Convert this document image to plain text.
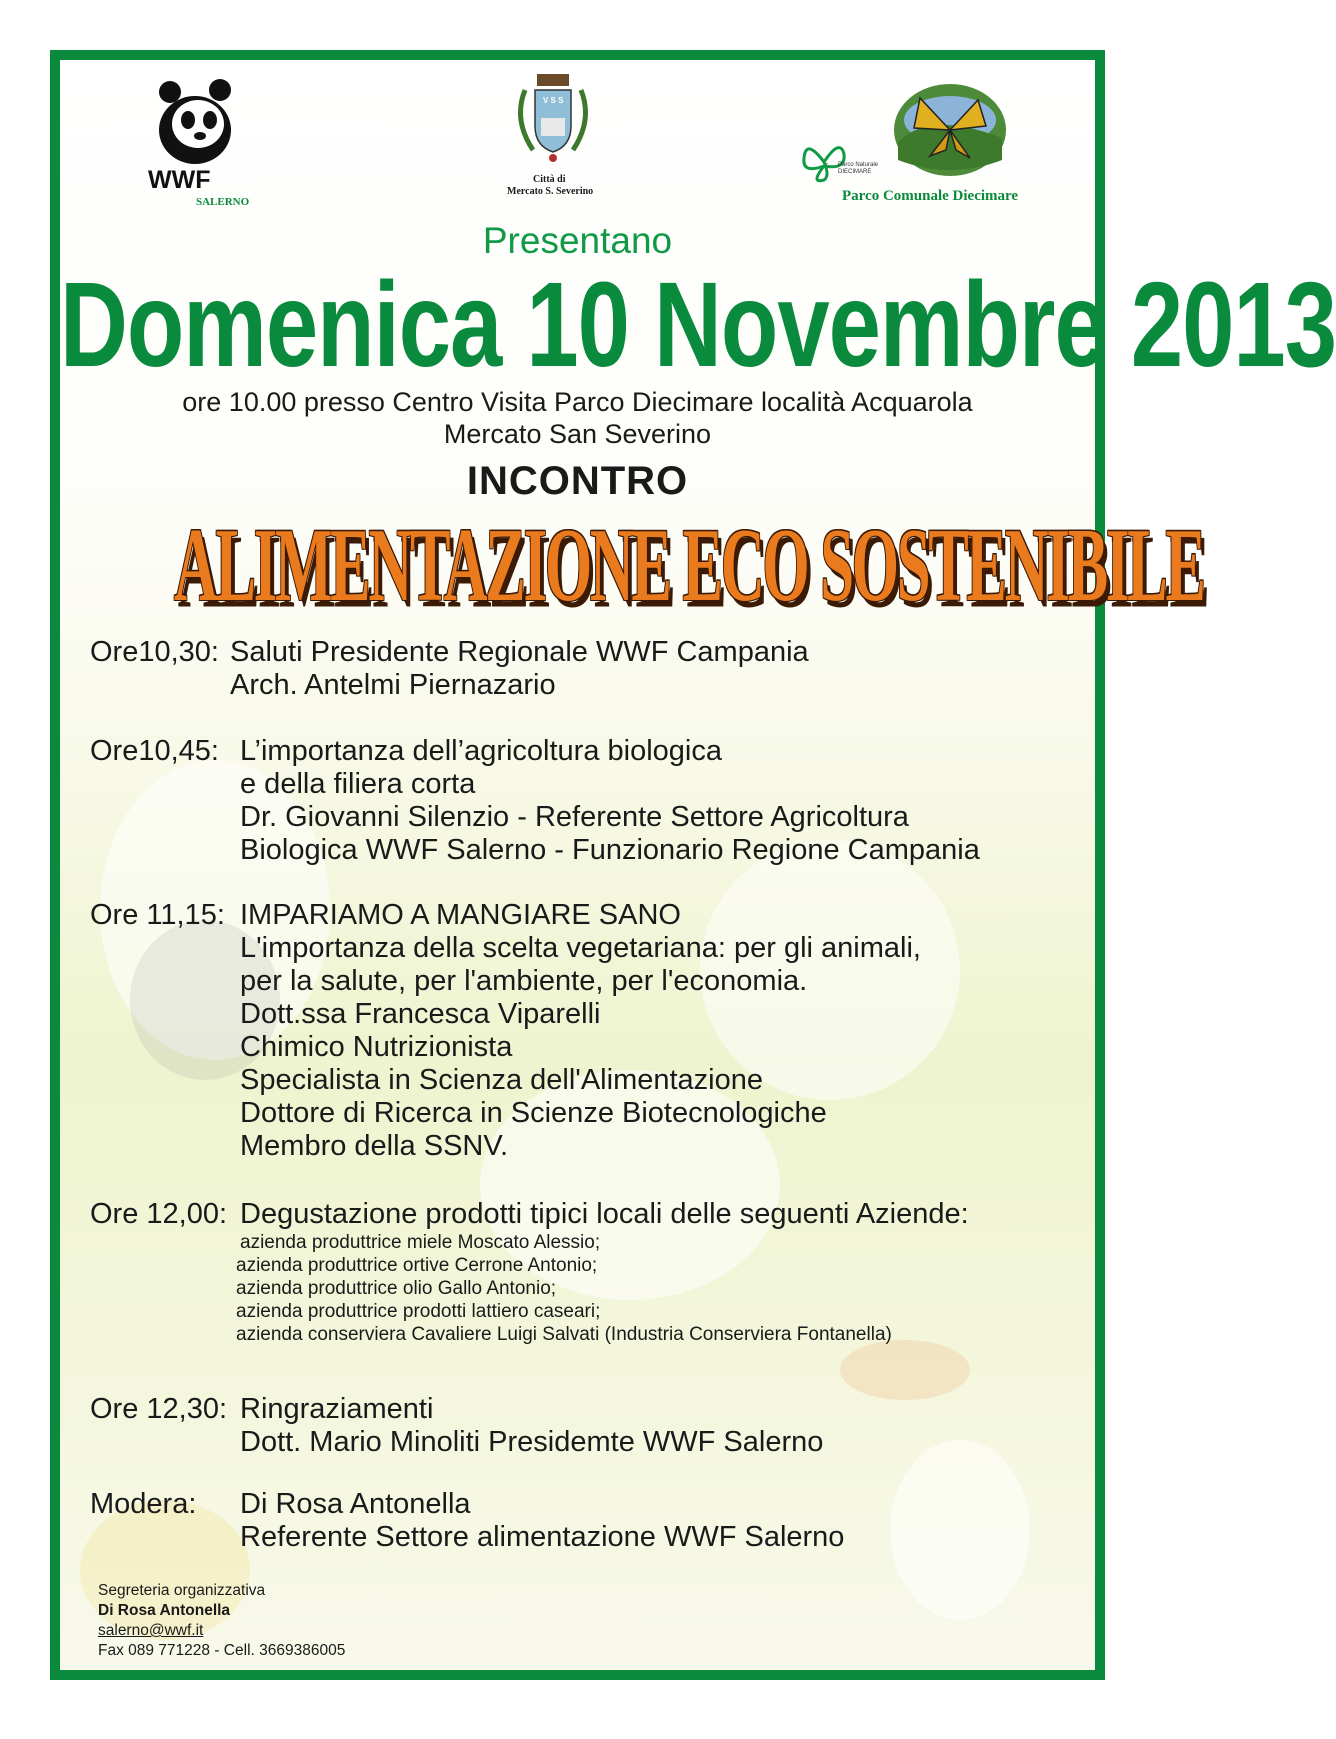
WWF
SALERNO
V S S
Città di
Mercato S. Severino
Parco Naturale
DIECIMARE
Parco Comunale Diecimare
Presentano
Domenica 10 Novembre 2013
ore 10.00 presso Centro Visita Parco Diecimare località Acquarola
Mercato San Severino
INCONTRO
ALIMENTAZIONE ECO SOSTENIBILE
Ore10,30: Saluti Presidente Regionale WWF Campania
Arch. Antelmi Piernazario
Ore10,45: L’importanza dell’agricoltura biologica
e della filiera corta
Dr. Giovanni Silenzio - Referente Settore Agricoltura
Biologica WWF Salerno - Funzionario Regione Campania
Ore 11,15: IMPARIAMO A MANGIARE SANO
L'importanza della scelta vegetariana: per gli animali,
per la salute, per l'ambiente, per l'economia.
Dott.ssa Francesca Viparelli
Chimico Nutrizionista
Specialista in Scienza dell'Alimentazione
Dottore di Ricerca in Scienze Biotecnologiche
Membro della SSNV.
Ore 12,00: Degustazione prodotti tipici locali delle seguenti Aziende:
azienda produttrice miele Moscato Alessio;
azienda produttrice ortive Cerrone Antonio;
azienda produttrice olio Gallo Antonio;
azienda produttrice prodotti lattiero caseari;
azienda conserviera Cavaliere Luigi Salvati (Industria Conserviera Fontanella)
Ore 12,30: Ringraziamenti
Dott. Mario Minoliti Presidemte WWF Salerno
Modera: Di Rosa Antonella
Referente Settore alimentazione WWF Salerno
Segreteria organizzativa
Di Rosa Antonella
salerno@wwf.it
Fax 089 771228 - Cell. 3669386005
